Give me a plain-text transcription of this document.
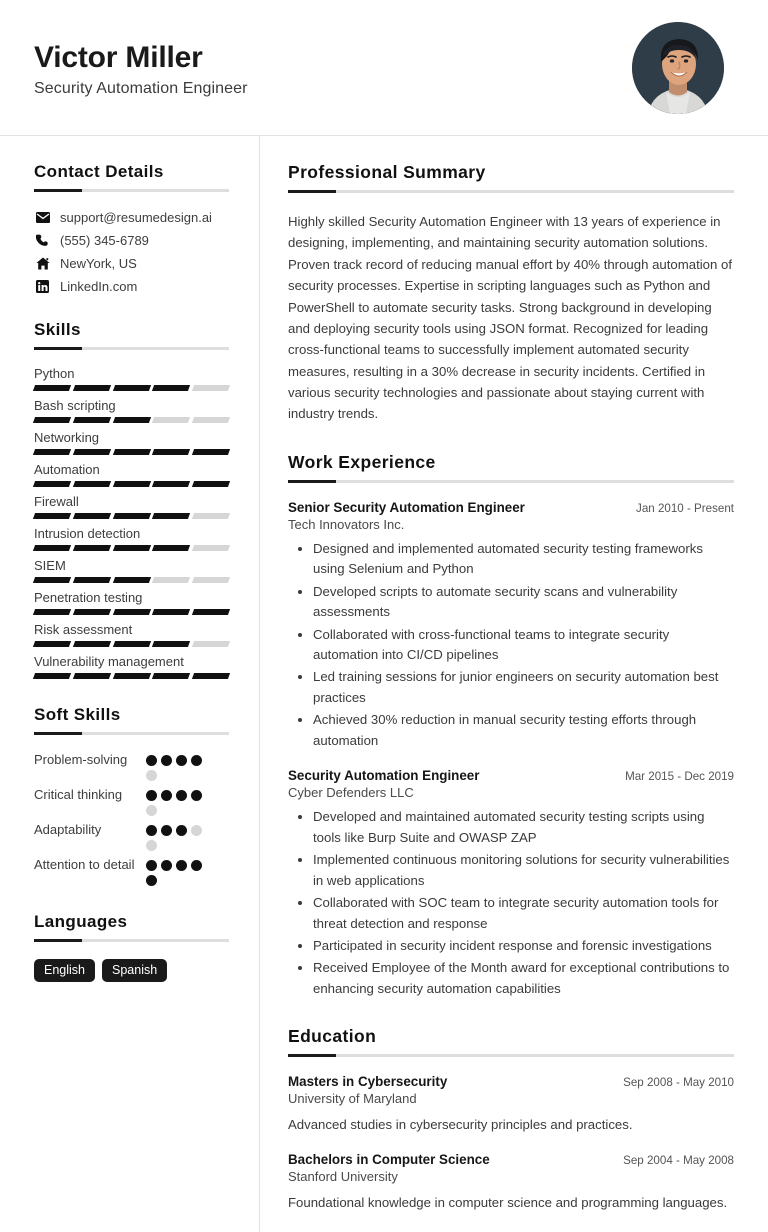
Victor Miller
Security Automation Engineer
Contact Details
support@resumedesign.ai
(555) 345-6789
NewYork, US
LinkedIn.com
Skills
Python
Bash scripting
Networking
Automation
Firewall
Intrusion detection
SIEM
Penetration testing
Risk assessment
Vulnerability management
Soft Skills
Problem-solving
Critical thinking
Adaptability
Attention to detail
Languages
English	Spanish
Professional Summary

Highly skilled Security Automation Engineer with 13 years of experience in designing, implementing, and maintaining security automation solutions. Proven track record of reducing manual effort by 40% through automation of security processes. Expertise in scripting languages such as Python and PowerShell to automate security tasks. Strong background in developing and deploying security tools using JSON format. Recognized for leading cross-functional teams to successfully implement automated security measures, resulting in a 30% decrease in security incidents. Certified in various security technologies and passionate about staying current with industry trends.

Work Experience
Senior Security Automation Engineer	Jan 2010 - Present
Tech Innovators Inc.
• Designed and implemented automated security testing frameworks using Selenium and Python
• Developed scripts to automate security scans and vulnerability assessments
• Collaborated with cross-functional teams to integrate security automation into CI/CD pipelines
• Led training sessions for junior engineers on security automation best practices
• Achieved 30% reduction in manual security testing efforts through automation
Security Automation Engineer	Mar 2015 - Dec 2019
Cyber Defenders LLC
• Developed and maintained automated security testing scripts using tools like Burp Suite and OWASP ZAP
• Implemented continuous monitoring solutions for security vulnerabilities in web applications
• Collaborated with SOC team to integrate security automation tools for threat detection and response
• Participated in security incident response and forensic investigations
• Received Employee of the Month award for exceptional contributions to enhancing security automation capabilities
Education
Masters in Cybersecurity	Sep 2008 - May 2010
University of Maryland
Advanced studies in cybersecurity principles and practices.
Bachelors in Computer Science	Sep 2004 - May 2008
Stanford University
Foundational knowledge in computer science and programming languages.
